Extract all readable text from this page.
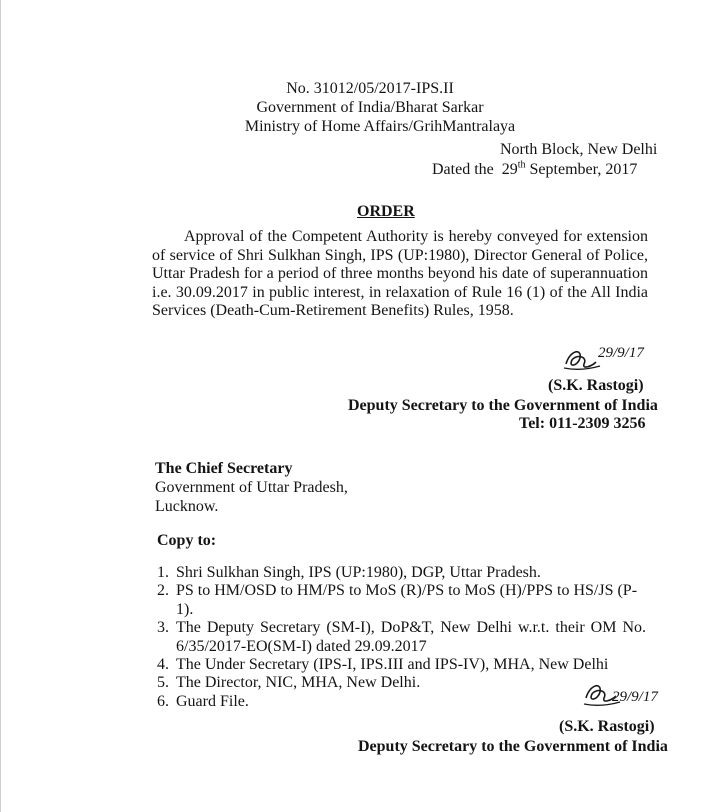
No. 31012/05/2017-IPS.II
Government of India/Bharat Sarkar
Ministry of Home Affairs/GrihMantralaya
North Block, New Delhi
Dated the 29th September, 2017
ORDER
Approval of the Competent Authority is hereby conveyed for extension of service of Shri Sulkhan Singh, IPS (UP:1980), Director General of Police, Uttar Pradesh for a period of three months beyond his date of superannuation i.e. 30.09.2017 in public interest, in relaxation of Rule 16 (1) of the All India Services (Death-Cum-Retirement Benefits) Rules, 1958.
29/9/17
(S.K. Rastogi)
Deputy Secretary to the Government of India
Tel: 011-2309 3256
The Chief Secretary
Government of Uttar Pradesh,
Lucknow.
Copy to:
1. Shri Sulkhan Singh, IPS (UP:1980), DGP, Uttar Pradesh.
2. PS to HM/OSD to HM/PS to MoS (R)/PS to MoS (H)/PPS to HS/JS (P-1).
3. The Deputy Secretary (SM-I), DoP&T, New Delhi w.r.t. their OM No. 6/35/2017-EO(SM-I) dated 29.09.2017
4. The Under Secretary (IPS-I, IPS.III and IPS-IV), MHA, New Delhi
5. The Director, NIC, MHA, New Delhi.
6. Guard File.	29/9/17
(S.K. Rastogi)
Deputy Secretary to the Government of India
